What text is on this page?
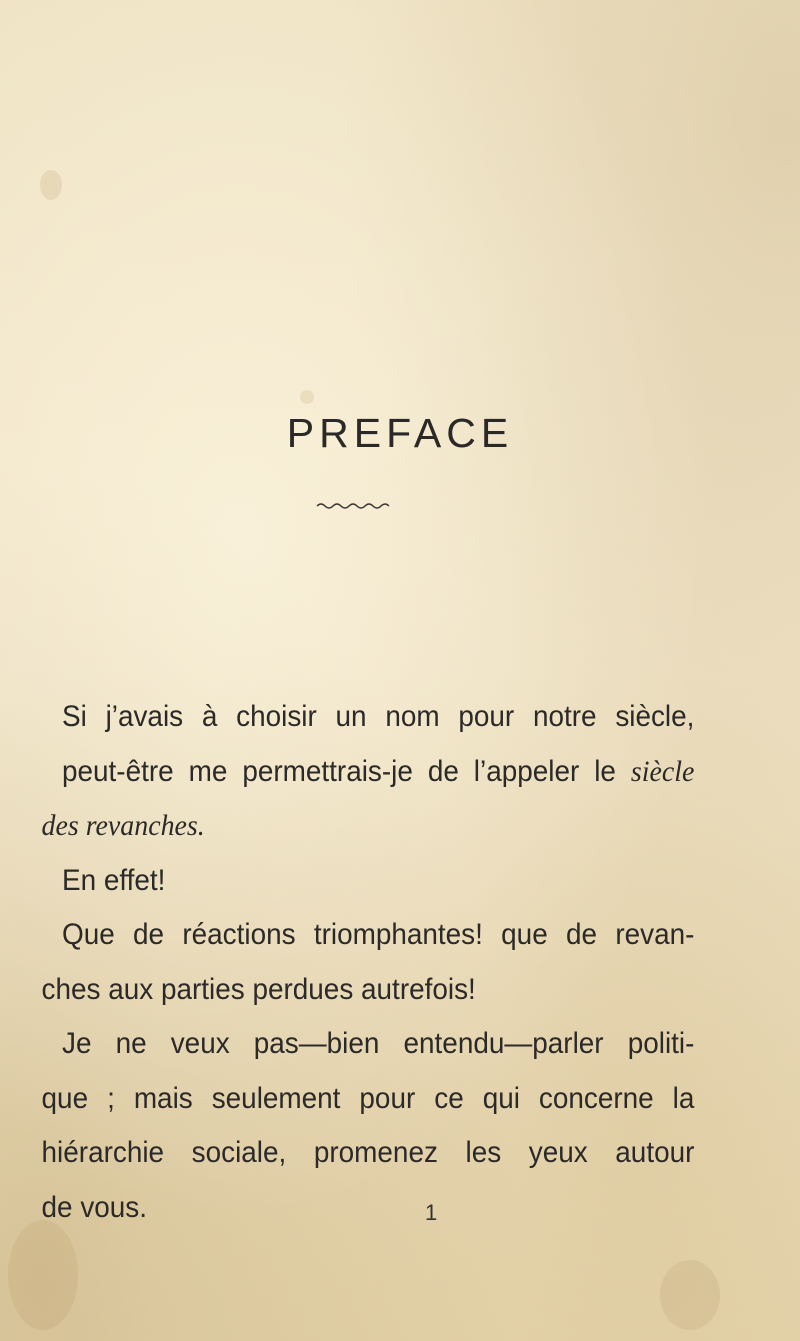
PREFACE
Si j’avais à choisir un nom pour notre siècle,
peut-être me permettrais-je de l’appeler le siècle
des revanches.
En effet!
Que de réactions triomphantes! que de revan-
ches aux parties perdues autrefois!
Je ne veux pas—bien entendu—parler politi-
que ; mais seulement pour ce qui concerne la
hiérarchie sociale, promenez les yeux autour
de vous.	1
